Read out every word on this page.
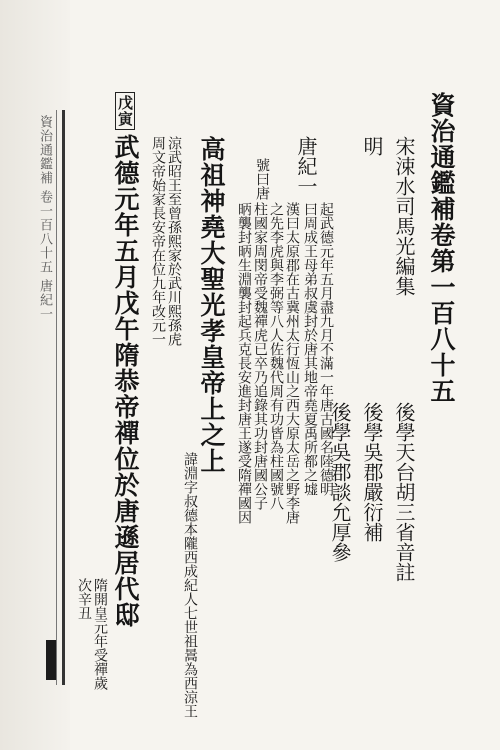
資治通鑑補 卷一百八十五 唐紀一	資治通鑑補卷第一百八十五
宋涑水司馬光編集
後學天台胡三省音註
明
後學吳郡嚴衍補
後學吳郡談允厚參
唐紀一
起武德元年五月盡九月不滿一年唐古國名陸德明
曰周成王母弟叔虞封於唐其地帝堯夏禹所都之墟
漢曰太原郡在古冀州太行恆山之西大原太岳之野李唐
之先李虎與李弼等八人佐魏代周有功皆為柱國號八
柱國家周閔帝受魏禪虎已卒乃追錄其功封唐國公子
昞襲封昞生淵襲封起兵克長安進封唐王遂受隋禪國因
號曰唐
高祖神堯大聖光孝皇帝上之上
諱淵字叔德本隴西成紀人七世祖暠為西涼王
涼武昭王至曾孫熙家於武川熙孫虎
周文帝始家長安帝在位九年改元一
戊寅武德元年五月戊午隋恭帝禪位於唐遜居代邸
隋開皇元年受禪歲
次辛丑
